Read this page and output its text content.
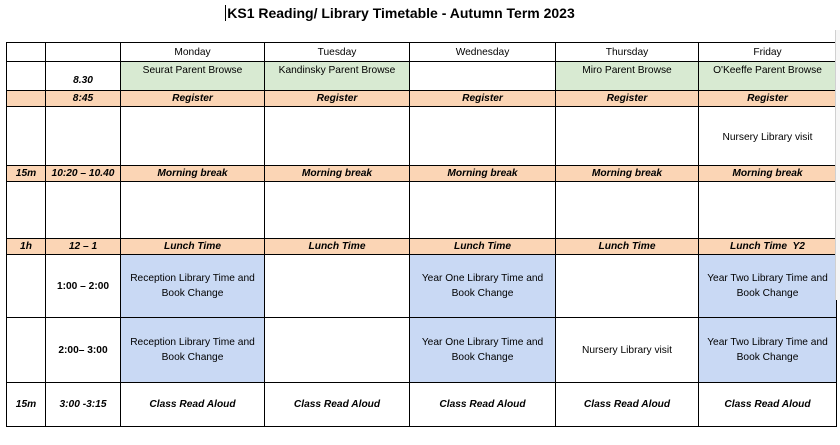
KS1 Reading/ Library Timetable - Autumn Term 2023
		Monday	Tuesday	Wednesday	Thursday	Friday
	8.30	Seurat Parent Browse	Kandinsky Parent Browse		Miro Parent Browse	O'Keeffe Parent Browse
	8:45	Register	Register	Register	Register	Register
						Nursery Library visit
15m	10:20 – 10.40	Morning break	Morning break	Morning break	Morning break	Morning break

1h	12 – 1	Lunch Time	Lunch Time	Lunch Time	Lunch Time	Lunch Time  Y2
	1:00 – 2:00	Reception Library Time and Book Change		Year One Library Time and Book Change		Year Two Library Time and Book Change
	2:00– 3:00	Reception Library Time and Book Change		Year One Library Time and Book Change	Nursery Library visit	Year Two Library Time and Book Change
15m	3:00 -3:15	Class Read Aloud	Class Read Aloud	Class Read Aloud	Class Read Aloud	Class Read Aloud
